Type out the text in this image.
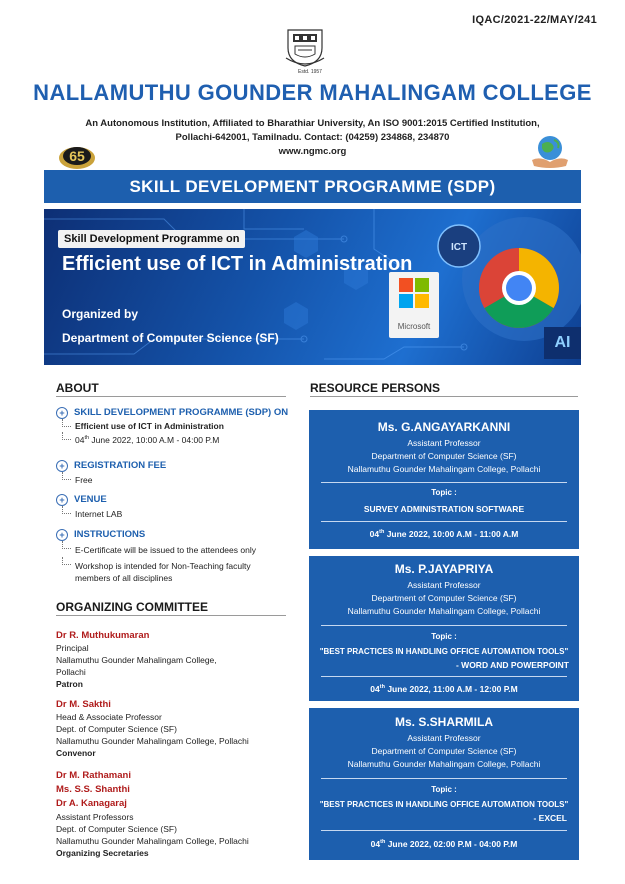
IQAC/2021-22/MAY/241
Estd. 1957
NALLAMUTHU GOUNDER MAHALINGAM COLLEGE
An Autonomous Institution, Affiliated to Bharathiar University, An ISO 9001:2015 Certified Institution,
Pollachi-642001, Tamilnadu. Contact: (04259) 234868, 234870
www.ngmc.org
65
SKILL DEVELOPMENT PROGRAMME (SDP)
ICT
Microsoft
AI
Skill Development Programme on
Efficient use of ICT in Administration
Organized by
Department of Computer Science (SF)
ABOUT
+ SKILL DEVELOPMENT PROGRAMME (SDP) ON
Efficient use of ICT in Administration
04th June 2022, 10:00 A.M - 04:00 P.M
+ REGISTRATION FEE
Free
+ VENUE
Internet LAB
+ INSTRUCTIONS
E-Certificate will be issued to the attendees only
Workshop is intended for Non-Teaching faculty
members of all disciplines
ORGANIZING COMMITTEE
Dr R. Muthukumaran
Principal
Nallamuthu Gounder Mahalingam College,
Pollachi
Patron
Dr M. Sakthi
Head & Associate Professor
Dept. of Computer Science (SF)
Nallamuthu Gounder Mahalingam College, Pollachi
Convenor
Dr M. Rathamani
Ms. S.S. Shanthi
Dr A. Kanagaraj
Assistant Professors
Dept. of Computer Science (SF)
Nallamuthu Gounder Mahalingam College, Pollachi
Organizing Secretaries
RESOURCE PERSONS
Ms. G.ANGAYARKANNI
Assistant Professor
Department of Computer Science (SF)
Nallamuthu Gounder Mahalingam College, Pollachi
Topic :
SURVEY ADMINISTRATION SOFTWARE
04th June 2022, 10:00 A.M - 11:00 A.M
Ms. P.JAYAPRIYA
Assistant Professor
Department of Computer Science (SF)
Nallamuthu Gounder Mahalingam College, Pollachi
Topic :
"BEST PRACTICES IN HANDLING OFFICE AUTOMATION TOOLS"
- WORD AND POWERPOINT
04th June 2022, 11:00 A.M - 12:00 P.M
Ms. S.SHARMILA
Assistant Professor
Department of Computer Science (SF)
Nallamuthu Gounder Mahalingam College, Pollachi
Topic :
"BEST PRACTICES IN HANDLING OFFICE AUTOMATION TOOLS"
- EXCEL
04th June 2022, 02:00 P.M - 04:00 P.M
